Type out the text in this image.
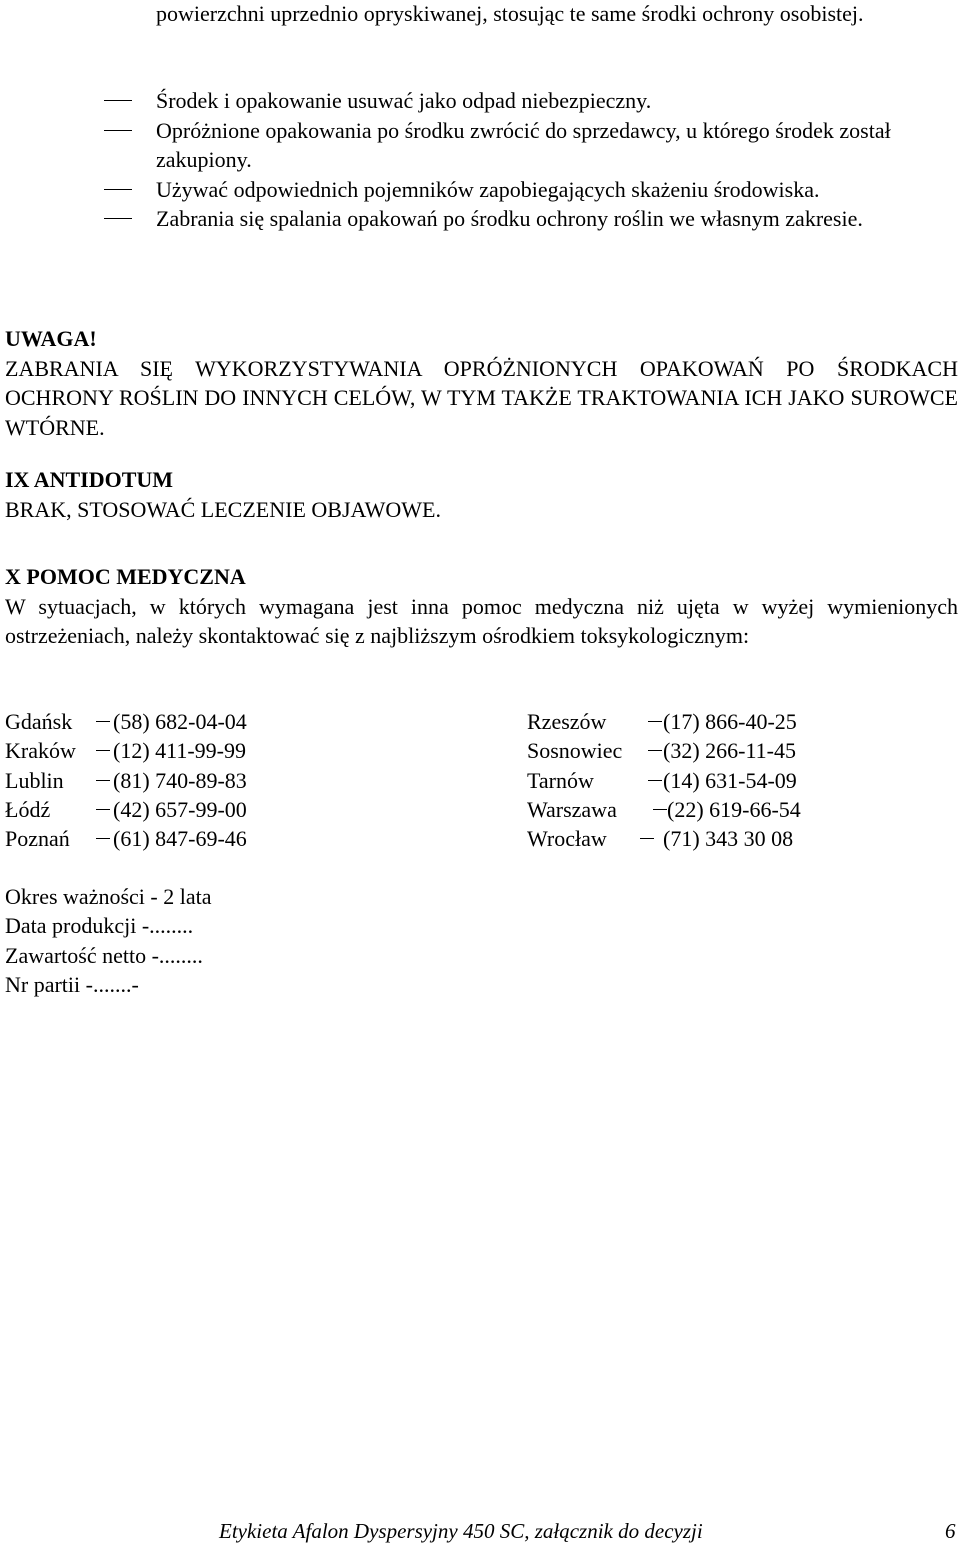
powierzchni uprzednio opryskiwanej, stosując te same środki ochrony osobistej.
Środek i opakowanie usuwać jako odpad niebezpieczny.
Opróżnione opakowania po środku zwrócić do sprzedawcy, u którego środek został zakupiony.
Używać odpowiednich pojemników zapobiegających skażeniu środowiska.
Zabrania się spalania opakowań po środku ochrony roślin we własnym zakresie.
UWAGA!
ZABRANIA SIĘ WYKORZYSTYWANIA OPRÓŻNIONYCH OPAKOWAŃ PO ŚRODKACH OCHRONY ROŚLIN DO INNYCH CELÓW, W TYM TAKŻE TRAKTOWANIA ICH JAKO SUROWCE WTÓRNE.
IX ANTIDOTUM
BRAK, STOSOWAĆ LECZENIE OBJAWOWE.
X POMOC MEDYCZNA
W sytuacjach, w których wymagana jest inna pomoc medyczna niż ujęta w wyżej wymienionych ostrzeżeniach, należy skontaktować się z najbliższym ośrodkiem toksykologicznym:
Gdańsk (58) 682-04-04
Kraków (12) 411-99-99
Lublin (81) 740-89-83
Łódź	(42) 657-99-00
Poznań (61) 847-69-46
Rzeszów	(17) 866-40-25
Sosnowiec (32) 266-11-45
Tarnów	(14) 631-54-09
Warszawa (22) 619-66-54
Wrocław	(71) 343 30 08
Okres ważności - 2 lata
Data produkcji -........
Zawartość netto -........
Nr partii -.......-
Etykieta Afalon Dyspersyjny 450 SC, załącznik do decyzji	6
